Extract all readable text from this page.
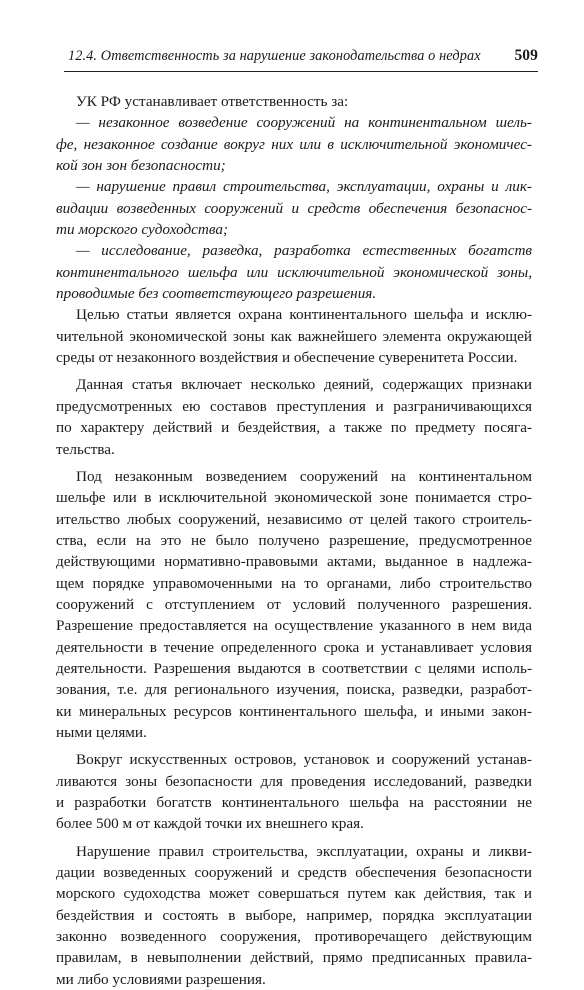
12.4. Ответственность за нарушение законодательства о недрах 509
УК РФ устанавливает ответственность за:
— незаконное возведение сооружений на континентальном шель-
фе, незаконное создание вокруг них или в исключительной экономичес-
кой зон зон безопасности;
— нарушение правил строительства, эксплуатации, охраны и лик-
видации возведенных сооружений и средств обеспечения безопаснос-
ти морского судоходства;
— исследование, разведка, разработка естественных богатств
континентального шельфа или исключительной экономической зоны,
проводимые без соответствующего разрешения.
Целью статьи является охрана континентального шельфа и исклю-
чительной экономической зоны как важнейшего элемента окружающей
среды от незаконного воздействия и обеспечение суверенитета России.
Данная статья включает несколько деяний, содержащих признаки
предусмотренных ею составов преступления и разграничивающихся
по характеру действий и бездействия, а также по предмету посяга-
тельства.
Под незаконным возведением сооружений на континентальном
шельфе или в исключительной экономической зоне понимается стро-
ительство любых сооружений, независимо от целей такого строитель-
ства, если на это не было получено разрешение, предусмотренное
действующими нормативно-правовыми актами, выданное в надлежа-
щем порядке управомоченными на то органами, либо строительство
сооружений с отступлением от условий полученного разрешения.
Разрешение предоставляется на осуществление указанного в нем вида
деятельности в течение определенного срока и устанавливает условия
деятельности. Разрешения выдаются в соответствии с целями исполь-
зования, т.е. для регионального изучения, поиска, разведки, разработ-
ки минеральных ресурсов континентального шельфа, и иными закон-
ными целями.
Вокруг искусственных островов, установок и сооружений устанав-
ливаются зоны безопасности для проведения исследований, разведки
и разработки богатств континентального шельфа на расстоянии не
более 500 м от каждой точки их внешнего края.
Нарушение правил строительства, эксплуатации, охраны и ликви-
дации возведенных сооружений и средств обеспечения безопасности
морского судоходства может совершаться путем как действия, так и
бездействия и состоять в выборе, например, порядка эксплуатации
законно возведенного сооружения, противоречащего действующим
правилам, в невыполнении действий, прямо предписанных правила-
ми либо условиями разрешения.
